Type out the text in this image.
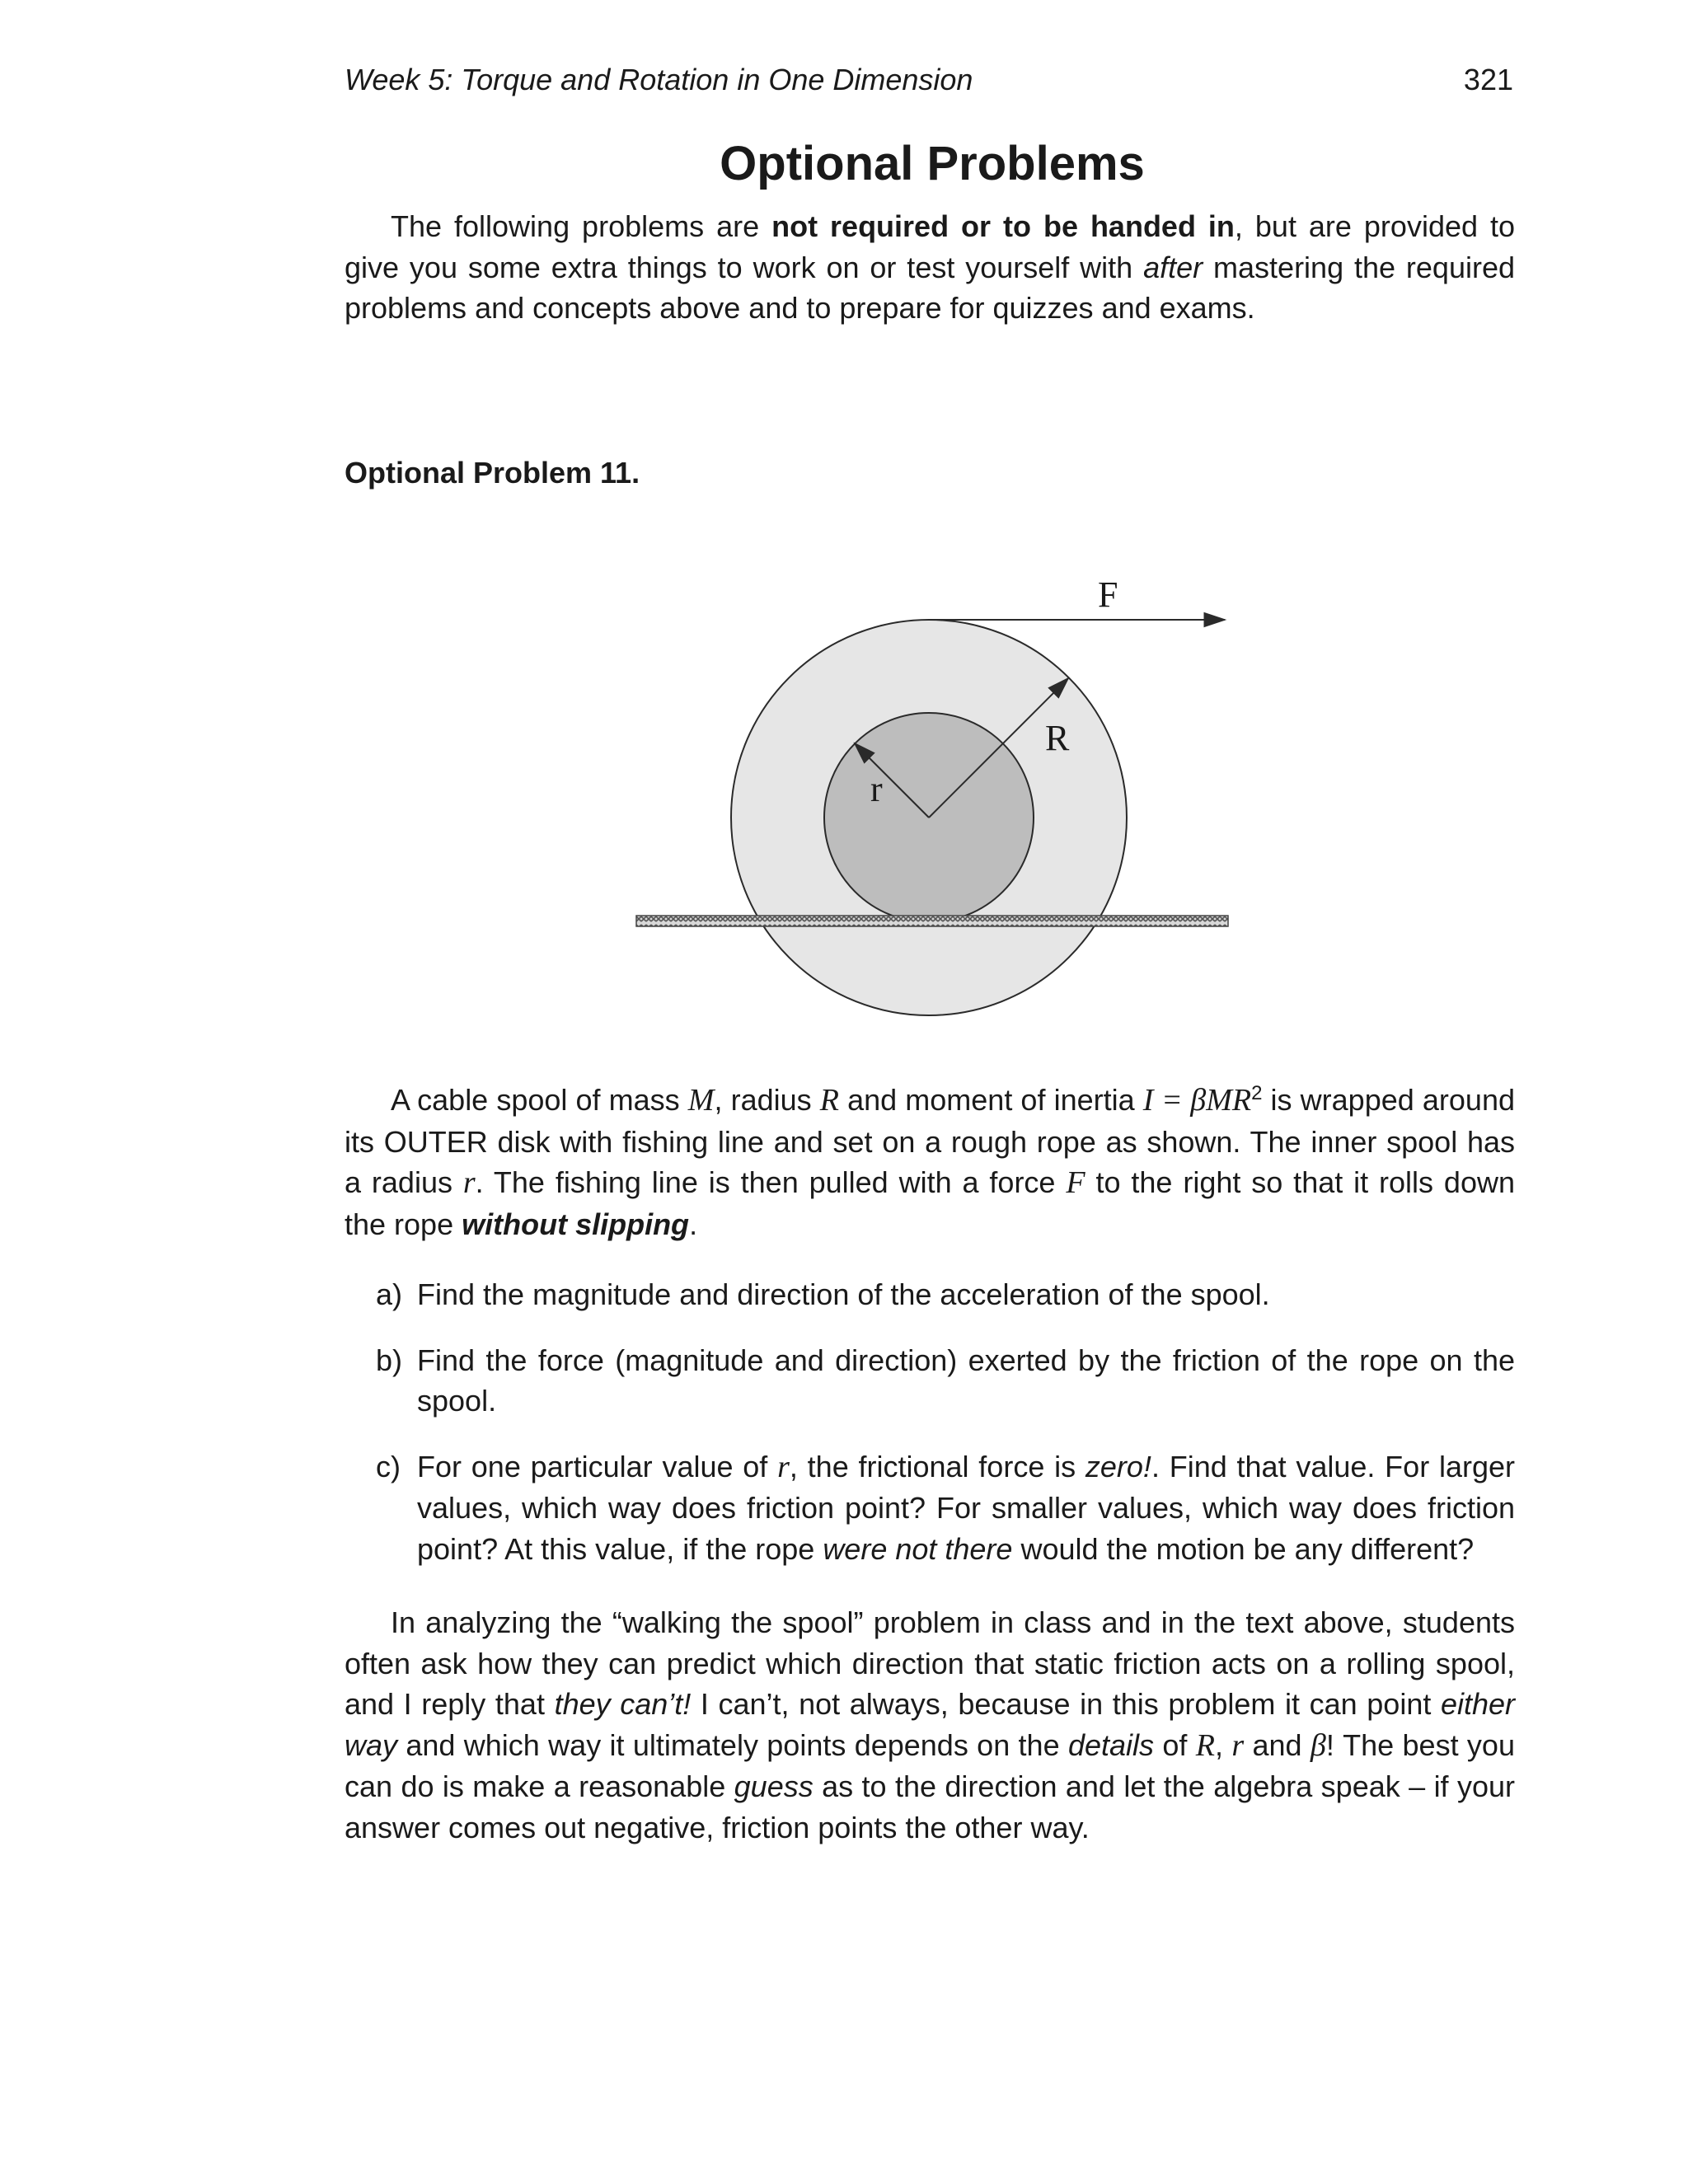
Week 5: Torque and Rotation in One Dimension	321
Optional Problems

The following problems are not required or to be handed in, but are provided to give you some extra things to work on or test yourself with after mastering the required problems and concepts above and to prepare for quizzes and exams.

Optional Problem 11.
F
R
r

A cable spool of mass M, radius R and moment of inertia I = βMR$^2$ is wrapped around its OUTER disk with fishing line and set on a rough rope as shown. The inner spool has a radius r. The fishing line is then pulled with a force F to the right so that it rolls down the rope without slipping.

a) Find the magnitude and direction of the acceleration of the spool.
b) Find the force (magnitude and direction) exerted by the friction of the rope on the spool.
c) For one particular value of r, the frictional force is zero!. Find that value. For larger values, which way does friction point? For smaller values, which way does friction point? At this value, if the rope were not there would the motion be any different?

In analyzing the “walking the spool” problem in class and in the text above, students often ask how they can predict which direction that static friction acts on a rolling spool, and I reply that they can’t! I can’t, not always, because in this problem it can point either way and which way it ultimately points depends on the details of R, r and β! The best you can do is make a reasonable guess as to the direction and let the algebra speak – if your answer comes out negative, friction points the other way.
